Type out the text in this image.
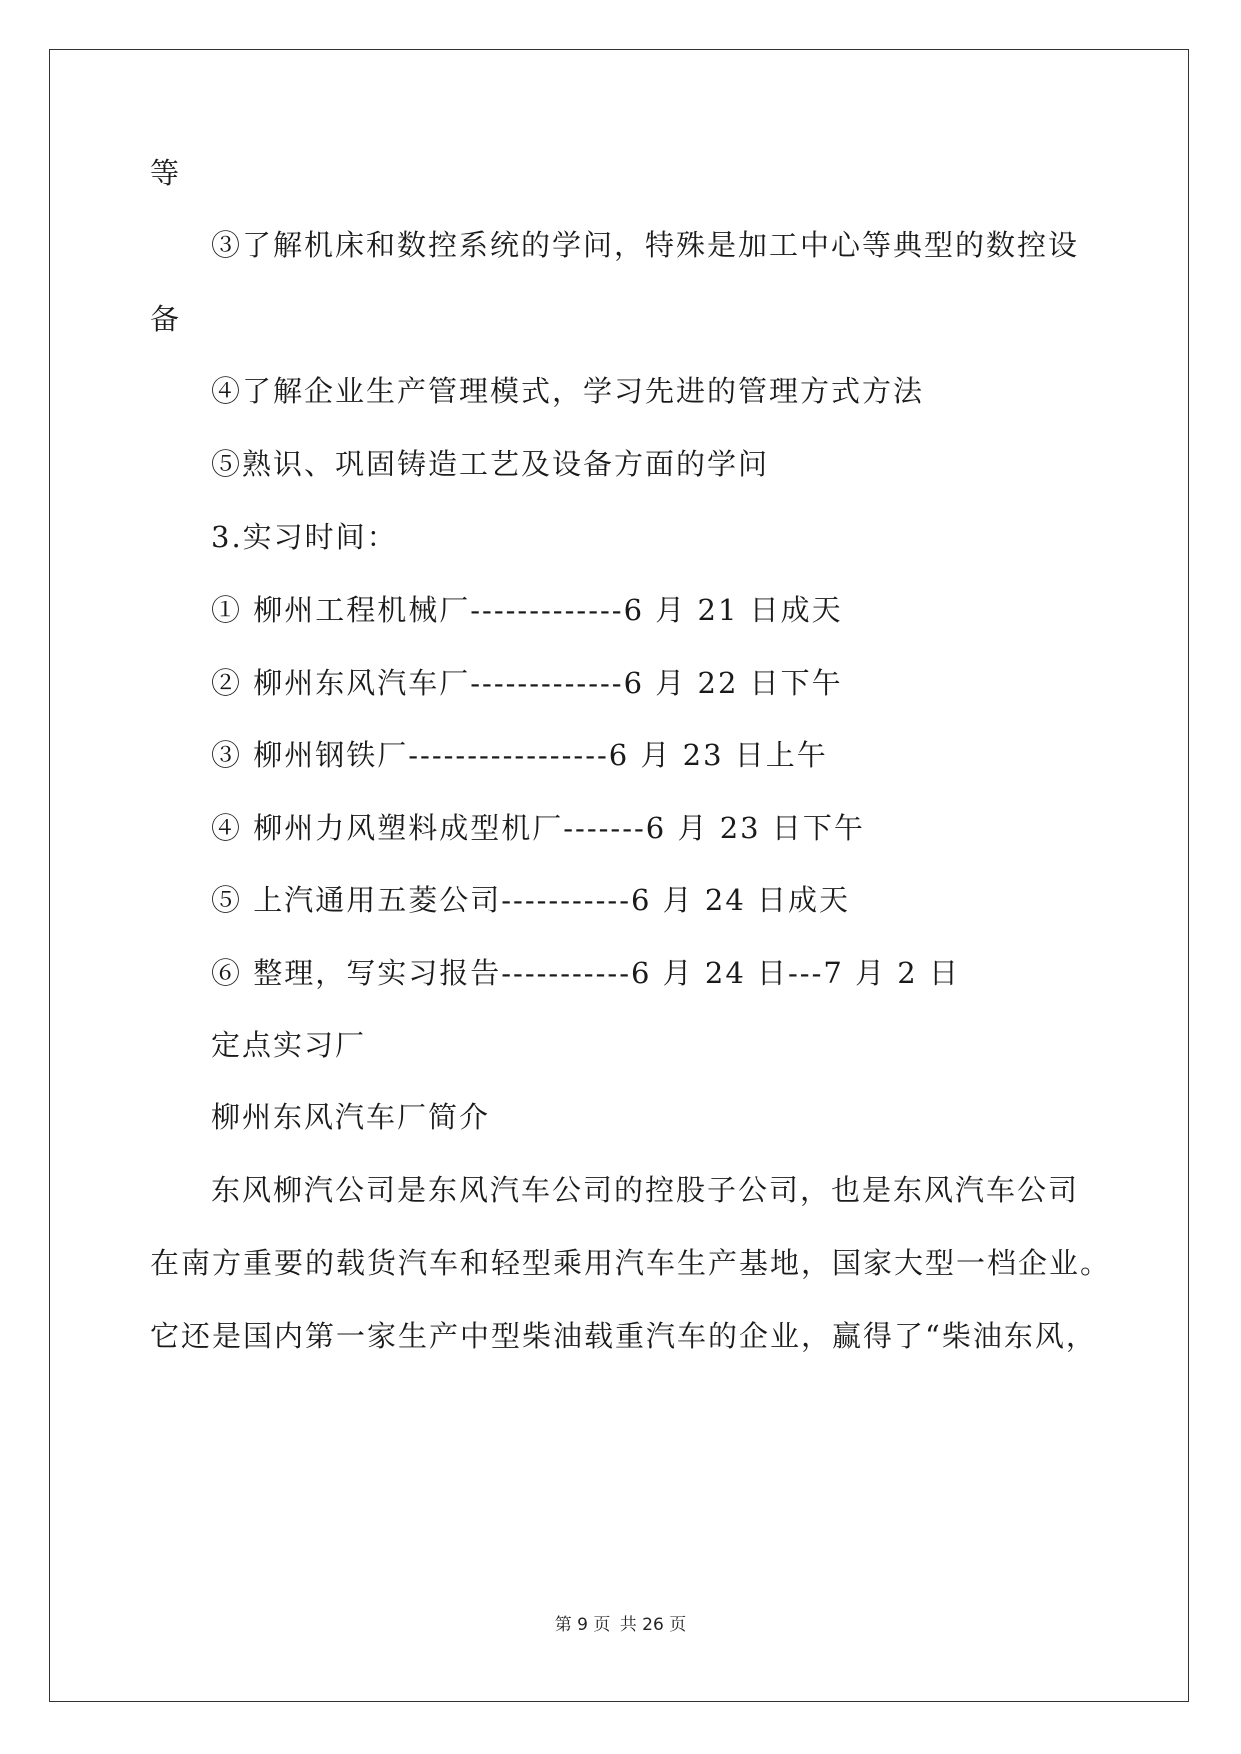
等
③了解机床和数控系统的学问，特殊是加工中心等典型的数控设
备
④了解企业生产管理模式，学习先进的管理方式方法
⑤熟识、巩固铸造工艺及设备方面的学问
3.实习时间：
① 柳州工程机械厂-------------6 月 21 日成天
② 柳州东风汽车厂-------------6 月 22 日下午
③ 柳州钢铁厂-----------------6 月 23 日上午
④ 柳州力风塑料成型机厂-------6 月 23 日下午
⑤ 上汽通用五菱公司-----------6 月 24 日成天
⑥ 整理，写实习报告-----------6 月 24 日---7 月 2 日
定点实习厂
柳州东风汽车厂简介
东风柳汽公司是东风汽车公司的控股子公司，也是东风汽车公司
在南方重要的载货汽车和轻型乘用汽车生产基地，国家大型一档企业。
它还是国内第一家生产中型柴油载重汽车的企业，赢得了“柴油东风，
第 9 页 共 26 页
